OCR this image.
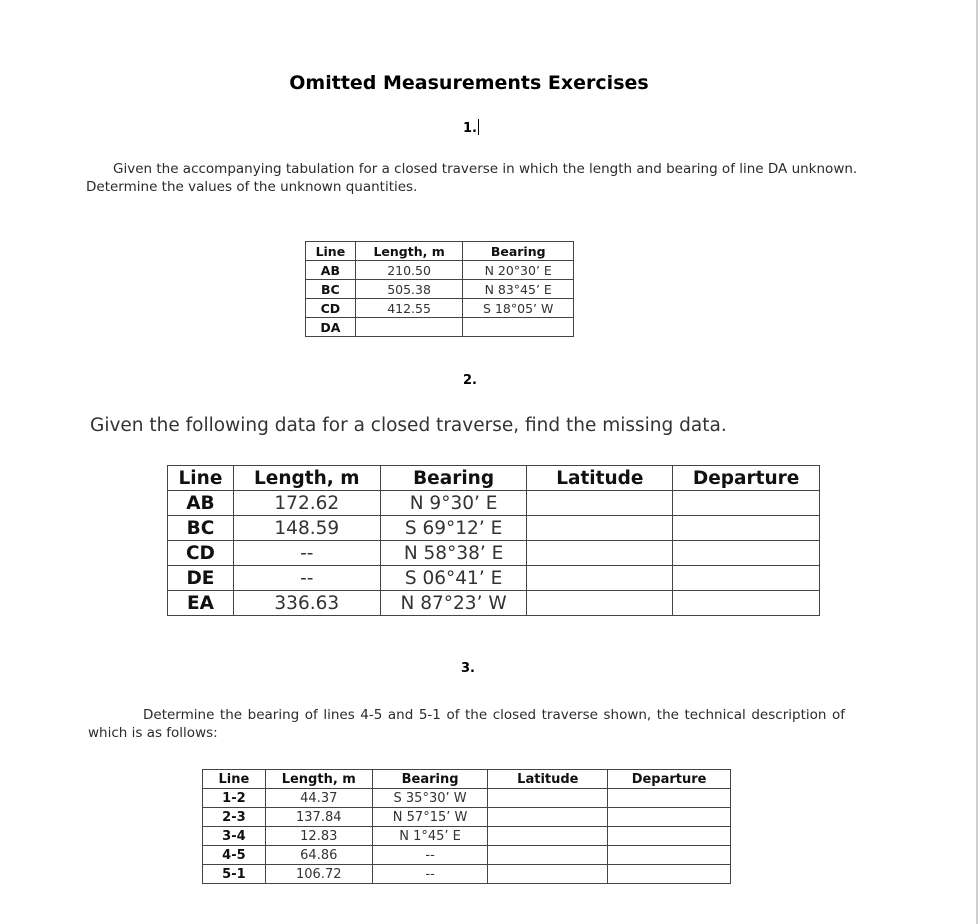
Omitted Measurements Exercises
1.
Given the accompanying tabulation for a closed traverse in which the length and bearing of line DA unknown. Determine the values of the unknown quantities.
Line	Length, m	Bearing
AB	210.50	N 20°30’ E
BC	505.38	N 83°45’ E
CD	412.55	S 18°05’ W
DA		
2.
Given the following data for a closed traverse, find the missing data.
Line	Length, m	Bearing	Latitude	Departure
AB	172.62	N 9°30’ E		
BC	148.59	S 69°12’ E		
CD	--	N 58°38’ E		
DE	--	S 06°41’ E		
EA	336.63	N 87°23’ W		
3.
Determine the bearing of lines 4-5 and 5-1 of the closed traverse shown, the technical description of which is as follows:
Line	Length, m	Bearing	Latitude	Departure
1-2	44.37	S 35°30’ W		
2-3	137.84	N 57°15’ W		
3-4	12.83	N 1°45’ E		
4-5	64.86	--		
5-1	106.72	--		
